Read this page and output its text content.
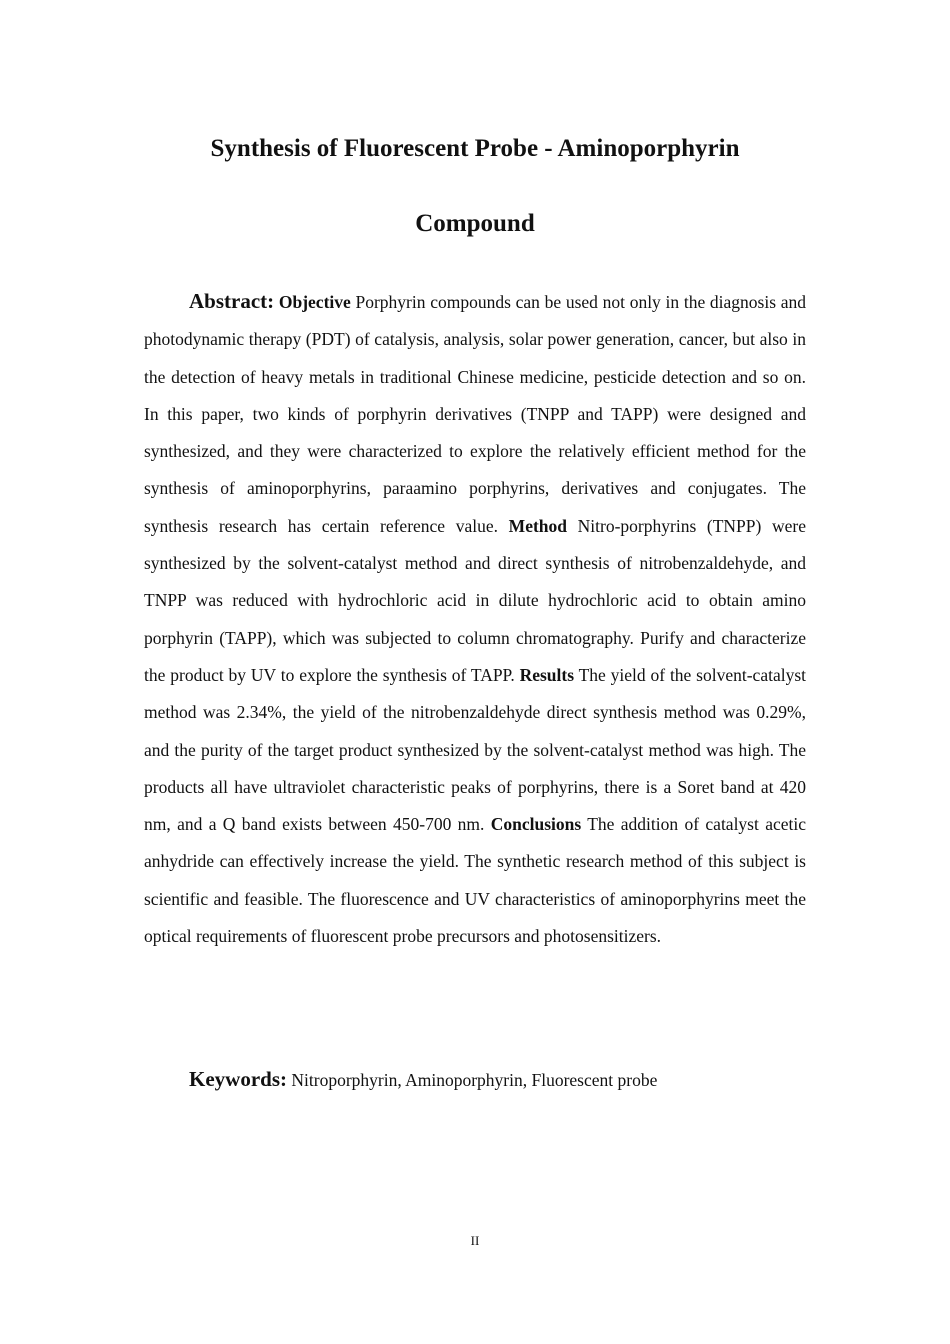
Synthesis of Fluorescent Probe - Aminoporphyrin
Compound

Abstract: Objective Porphyrin compounds can be used not only in the diagnosis and photodynamic therapy (PDT) of catalysis, analysis, solar power generation, cancer, but also in the detection of heavy metals in traditional Chinese medicine, pesticide detection and so on. In this paper, two kinds of porphyrin derivatives (TNPP and TAPP) were designed and synthesized, and they were characterized to explore the relatively efficient method for the synthesis of aminoporphyrins, paraamino porphyrins, derivatives and conjugates. The synthesis research has certain reference value. Method Nitro-porphyrins (TNPP) were synthesized by the solvent-catalyst method and direct synthesis of nitrobenzaldehyde, and TNPP was reduced with hydrochloric acid in dilute hydrochloric acid to obtain amino porphyrin (TAPP), which was subjected to column chromatography. Purify and characterize the product by UV to explore the synthesis of TAPP. Results The yield of the solvent-catalyst method was 2.34%, the yield of the nitrobenzaldehyde direct synthesis method was 0.29%, and the purity of the target product synthesized by the solvent-catalyst method was high. The products all have ultraviolet characteristic peaks of porphyrins, there is a Soret band at 420 nm, and a Q band exists between 450-700 nm. Conclusions The addition of catalyst acetic anhydride can effectively increase the yield. The synthetic research method of this subject is scientific and feasible. The fluorescence and UV characteristics of aminoporphyrins meet the optical requirements of fluorescent probe precursors and photosensitizers.

Keywords: Nitroporphyrin, Aminoporphyrin, Fluorescent probe

II
